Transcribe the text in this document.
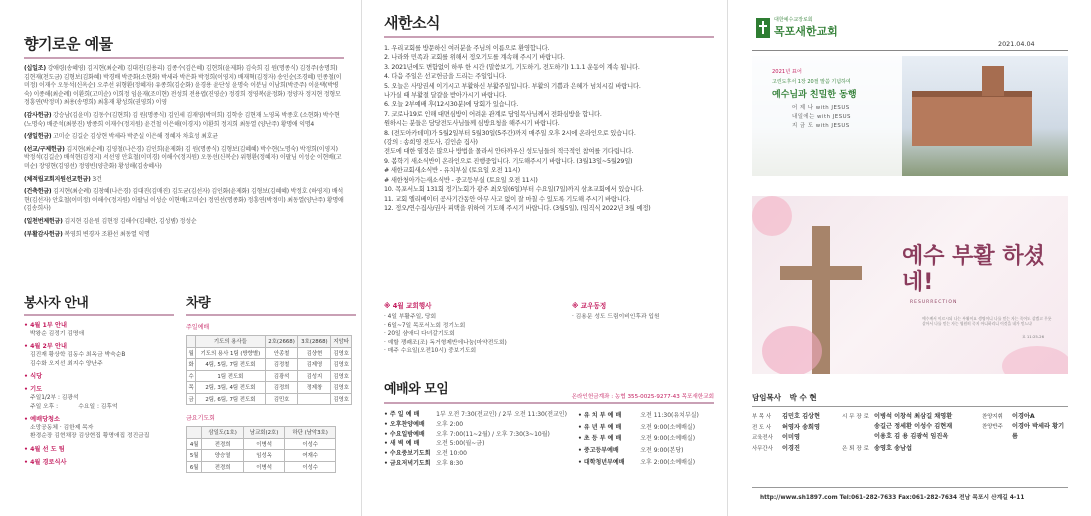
향기로운 예물
(십일조) 강애령(송혜영) 김지현(최순례) 김대진(김용리) 김종수(김은혜) 김현희(윤제화) 김숙희 김 원(명종식) 김정주(송명희) 김현재(천도금) 김형보(김화혜) 박경배 박준화(소현화) 박세라 박은화 박정희(이영지) 배재혁(김정자) 송인순(조경혜) 민종철(이미정) 이재수 오동석(신옥순) 오주선 위형환(정혜자) 유종희(김순화) 윤경용 윤단성 윤명숙 이분님 이남희(박준주) 이윤택(박병숙) 이종해(최순례) 이환희(고미순) 이희정 임윤재(조미현) 전성희 전용엽(진영순) 정경희 정영복(윤정화) 정양자 정지현 정형모 정흥연(박정미) 최용(송명희) 최흥재 황성희(권영희) 이영
(감사헌금) 강승남(김윤미) 김동수(김현희) 김 원(명종식) 김인세 김재영(박미희) 김학송 김현재 노영록 박종호 (소현화) 박수현(노명숙) 배준석(최봉진) 방종희 이재수(정지원) 윤건철 이은해(이경지) 이환희 정지희 최동열 (양난주) 황명애 익명4
(생일헌금) 고미순 김길순 김상현 박세라 박준실 이은해 정혜자 차효성 최호균
(선교/구제헌금) 김지현(최순례) 김영철(나은경) 김인희(윤제화) 김 원(명종식) 김형보(김혜혜) 박수현(노명숙) 박정희(이영지) 박정석(김길순) 배석현(김정지) 서선영 안효철(이미경) 이해수(정지원) 오동선(신복순) 위형환(정혜자) 이팔님 이성순 이현배(고미순) 장영현(김영선) 정영빈(양춘화) 황성해(김송혜사)
(체적립교회지원선교헌금) 3건
(건축헌금) 김지현(최순례) 김창혜(나은경) 김대진(김매진) 김도균(김선자) 김인화(윤제화) 김형보(김혜혜) 박정호 (하영지) 배석현(김선자) 안효철(이미정) 이해수(정지원) 이팔님 이성순 이현배(고미순) 정연선(명종화) 정흥연(박정미) 최동열(양난주) 황명애(김송희사)
(일천번제헌금) 김지현 김윤원 김현정 김해수(김혜란, 김성볌) 정성순
(부활감사헌금) 복영희 변경자 조환선 최동열 익명
봉사자 안내
• 4월 1부 안내
박왕순 김정기 김명애
• 4월 2부 안내
김진재 황상학 김동수 최옥금 박숙순B
김수화 오지선 최지수 양난주
• 식당
• 기도
주일1/2부 : 김광석
주일 오후 :           수요일 : 김후억
• 예배당청소
소망공동체 · 김한제 목자
환경순장 김현채장 김상현집 황명애집 정진금집
• 4월 선 도 팀
• 4월 경로식사
차량
주일예배
	기도의 용사들	2호(2668)	3호(2868)	지암타
월	기도의 용사 1팀 (방향별)	안종철	김샹현	김영호
화	4팀, 5팀, 7팀 전도회	김정철	김제영	김영호
수	1팀 전도회	김광석	김성지	김영호
목	2팀, 3팀, 4팀 전도회	김정희	정제창	김영호
금	2팀, 6팀, 7팀 전도회	김민호		김영호
금요기도회
	삼일도(1호)	남교회(2호)	하단 (남악3호)
4월	전경희	이병석	이성수
5월	양승열	임성옥	여재수
6월	전경희	이병석	이성수
새한소식
1. 우리교회를 방문하신 여러분을 주님의 이름으로 환영합니다.
2. 나라와 민족과 교회를 위해서 정오기도를 계속해 주시기 바랍니다.
3. 2021년에도 변함없이 하루 한 시간 (말씀보기, 기도하기, 전도하기) 1.1.1 운동이 계속 됩니다.
4. 다음 주일은 선교헌금을 드리는 주일입니다.
5. 오늘은 사망권세 이기시고 부활하신 부활주일입니다. 부활의 기쁨과 은혜가 넘치시길 바랍니다.
나가실 때 부활절 달걀을 받아가시기 바랍니다.
6. 오늘 2부예배 후(12시30분)에 당회가 있습니다.
7. 코로나19로 인해 대면심방이 어려운 관계로 담임목사님께서 전화심방을 합니다.
원하시는 분들은 담당전도사님들께 심방요청을 해주시기 바랍니다.
8. (전도아카데미)가 5월2일부터 5월30일(5주간)까지 매주일 오후 2시에 온라인으로 있습니다.
(강의 : 송희영 전도사, 김인순 집사)
전도에 대한 열정은 많으나 방법을 몰라서 안타까우신 성도님들의 적극적인 참여를 기다립니다.
9. 봄학기 새소식반이 온라인으로 진행중입니다. 기도해주시기 바랍니다. (3월13일~5월29일)
# 새한교회새소식반 - 유치부실 (토요일 오전 11시)
# 새한청아가는새소식반 - 중고등부실 (토요일 오전 11시)
10. 목포서노회 131회 정기노회가 광주 최오일(6일)부터 수요일(7일)까지 삼초교회에서 있습니다.
11. 교회 엘리베이터 공사기간동안 아무 사고 없이 잘 마칠 수 있도록 기도해 주시기 바랍니다.
12. 정오/연수집사/권사 피택을 위하여 기도해 주시기 바랍니다. (3월5일), (임직식 2022년 3월 예정)
※ 4월 교회행사
· 4일 부활주일, 당회
· 6일~7일 목포서노회 정기노회
· 20일 샴애디 다녀갈기도회
· 예할 쟁쾌조(조) 독거형제반에나눔(마약전도회)
· 매주 수요일(오전10시) 중보기도회
※ 교우동정
· 김용문 성도 드림이비인후과 입원
예배와 모임	온라인헌금계좌 : 농협 355-0025-9277-43 목포새한교회
• 주 일 예 배	1부 오전 7:30(전교인) / 2부 오전 11:30(전교인)
• 오후찬양예배	오후 2:00
• 수요일밤예배	오후 7:00(11~2월) / 오후 7:30(3~10월)
• 새 벽 예 배	오전 5:00(월~금)
• 수요중보기도회	오전 10:00
• 금요저녁기도회	오후 8:30
• 유 치 부 예 배	오전 11:30(유치부실)
• 유 년 부 예 배	오전 9:00(소예배실)
• 초 등 부 예 배	오전 9:00(소예배실)
• 중고등부예배	오전 9:00(본당)
• 대학청년부예배	오후 2:00(소예배실)
대한예수교장로회
목포새한교회
2021.04.04
2021년 표어
고린도후서 1장 20절 말씀 기념하여
예수님과 친밀한 동행
어 제 나 with JESUS
내일에는 with JESUS
지 금 도 with JESUS
예수 부활 하셨네!
RESURRECTION
예수께서 이르시되 나는 부활이요 생명이니 나를 믿는 자는 죽어도 살겠고 무릇 살아서 나를 믿는 자는 영원히 죽지 아니하리니 이것을 네가 믿느냐
요 11:25-26
담임목사 박 수 현
부 목 사	김민호 김상현
전 도 사	허영자 송희영
교육전사	이미영
사무간사	이경진
시 무 장 로 이병석 이창석 최삼길 채영환
송길근 정세환 이성수 김현재
이용호 김 용 김광석 임진옥
은 퇴 장 로 송영호 송남섭
찬양지휘	이경아A
찬양반주	이경아 박세라 황기름
http://www.sh1897.com Tel:061-282-7633 Fax:061-282-7634 전남 목포시 산계길 4-11
